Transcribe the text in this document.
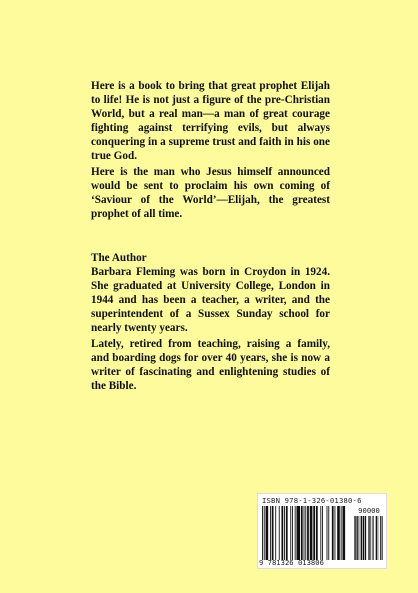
Here is a book to bring that great prophet Elijah to life! He is not just a figure of the pre-Christian World, but a real man—a man of great courage fighting against terrifying evils, but always conquering in a supreme trust and faith in his one true God.

Here is the man who Jesus himself announced would be sent to proclaim his own coming of ‘Saviour of the World’—Elijah, the greatest prophet of all time.

The Author
Barbara Fleming was born in Croydon in 1924. She graduated at University College, London in 1944 and has been a teacher, a writer, and the superintendent of a Sussex Sunday school for nearly twenty years.

Lately, retired from teaching, raising a family, and boarding dogs for over 40 years, she is now a writer of fascinating and enlightening studies of the Bible.

ISBN 978-1-326-01380-6
90000
9 781326 013806
